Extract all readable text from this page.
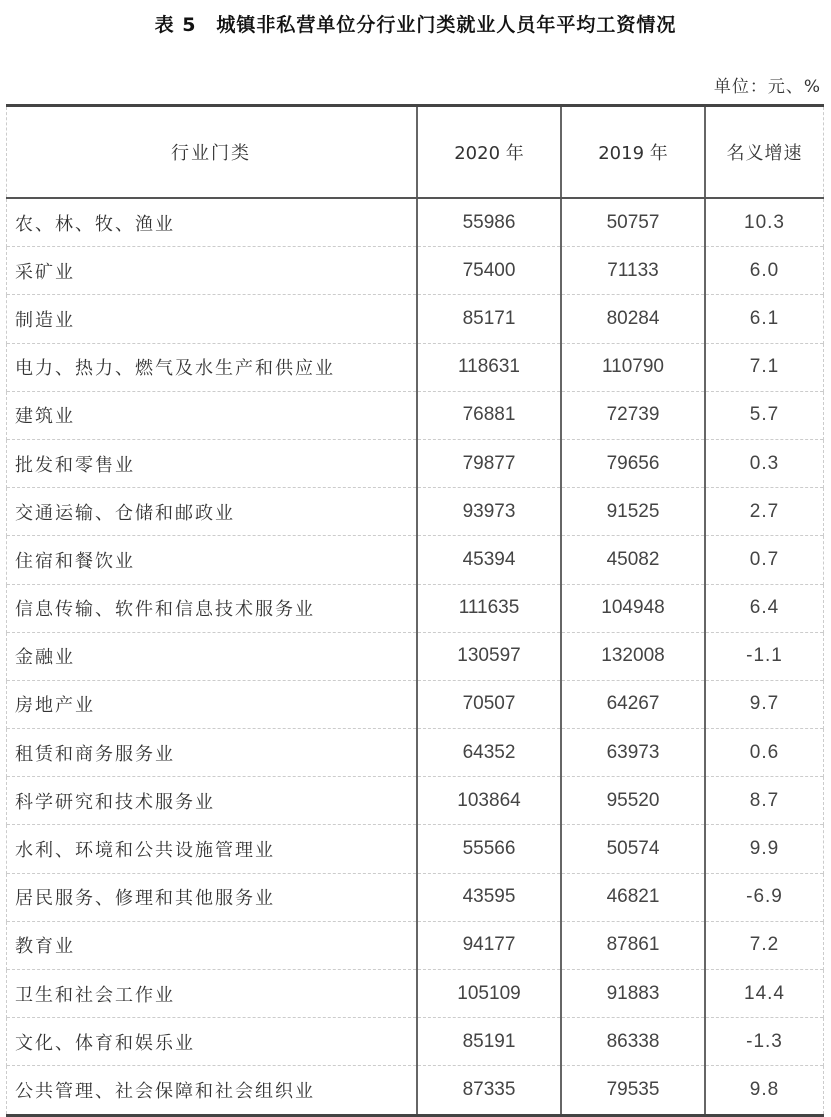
表 5　城镇非私营单位分行业门类就业人员年平均工资情况
单位：元、%
行业门类	2020 年	2019 年	名义增速
农、林、牧、渔业	55986	50757	10.3
采矿业	75400	71133	6.0
制造业	85171	80284	6.1
电力、热力、燃气及水生产和供应业	118631	110790	7.1
建筑业	76881	72739	5.7
批发和零售业	79877	79656	0.3
交通运输、仓储和邮政业	93973	91525	2.7
住宿和餐饮业	45394	45082	0.7
信息传输、软件和信息技术服务业	111635	104948	6.4
金融业	130597	132008	-1.1
房地产业	70507	64267	9.7
租赁和商务服务业	64352	63973	0.6
科学研究和技术服务业	103864	95520	8.7
水利、环境和公共设施管理业	55566	50574	9.9
居民服务、修理和其他服务业	43595	46821	-6.9
教育业	94177	87861	7.2
卫生和社会工作业	105109	91883	14.4
文化、体育和娱乐业	85191	86338	-1.3
公共管理、社会保障和社会组织业	87335	79535	9.8
